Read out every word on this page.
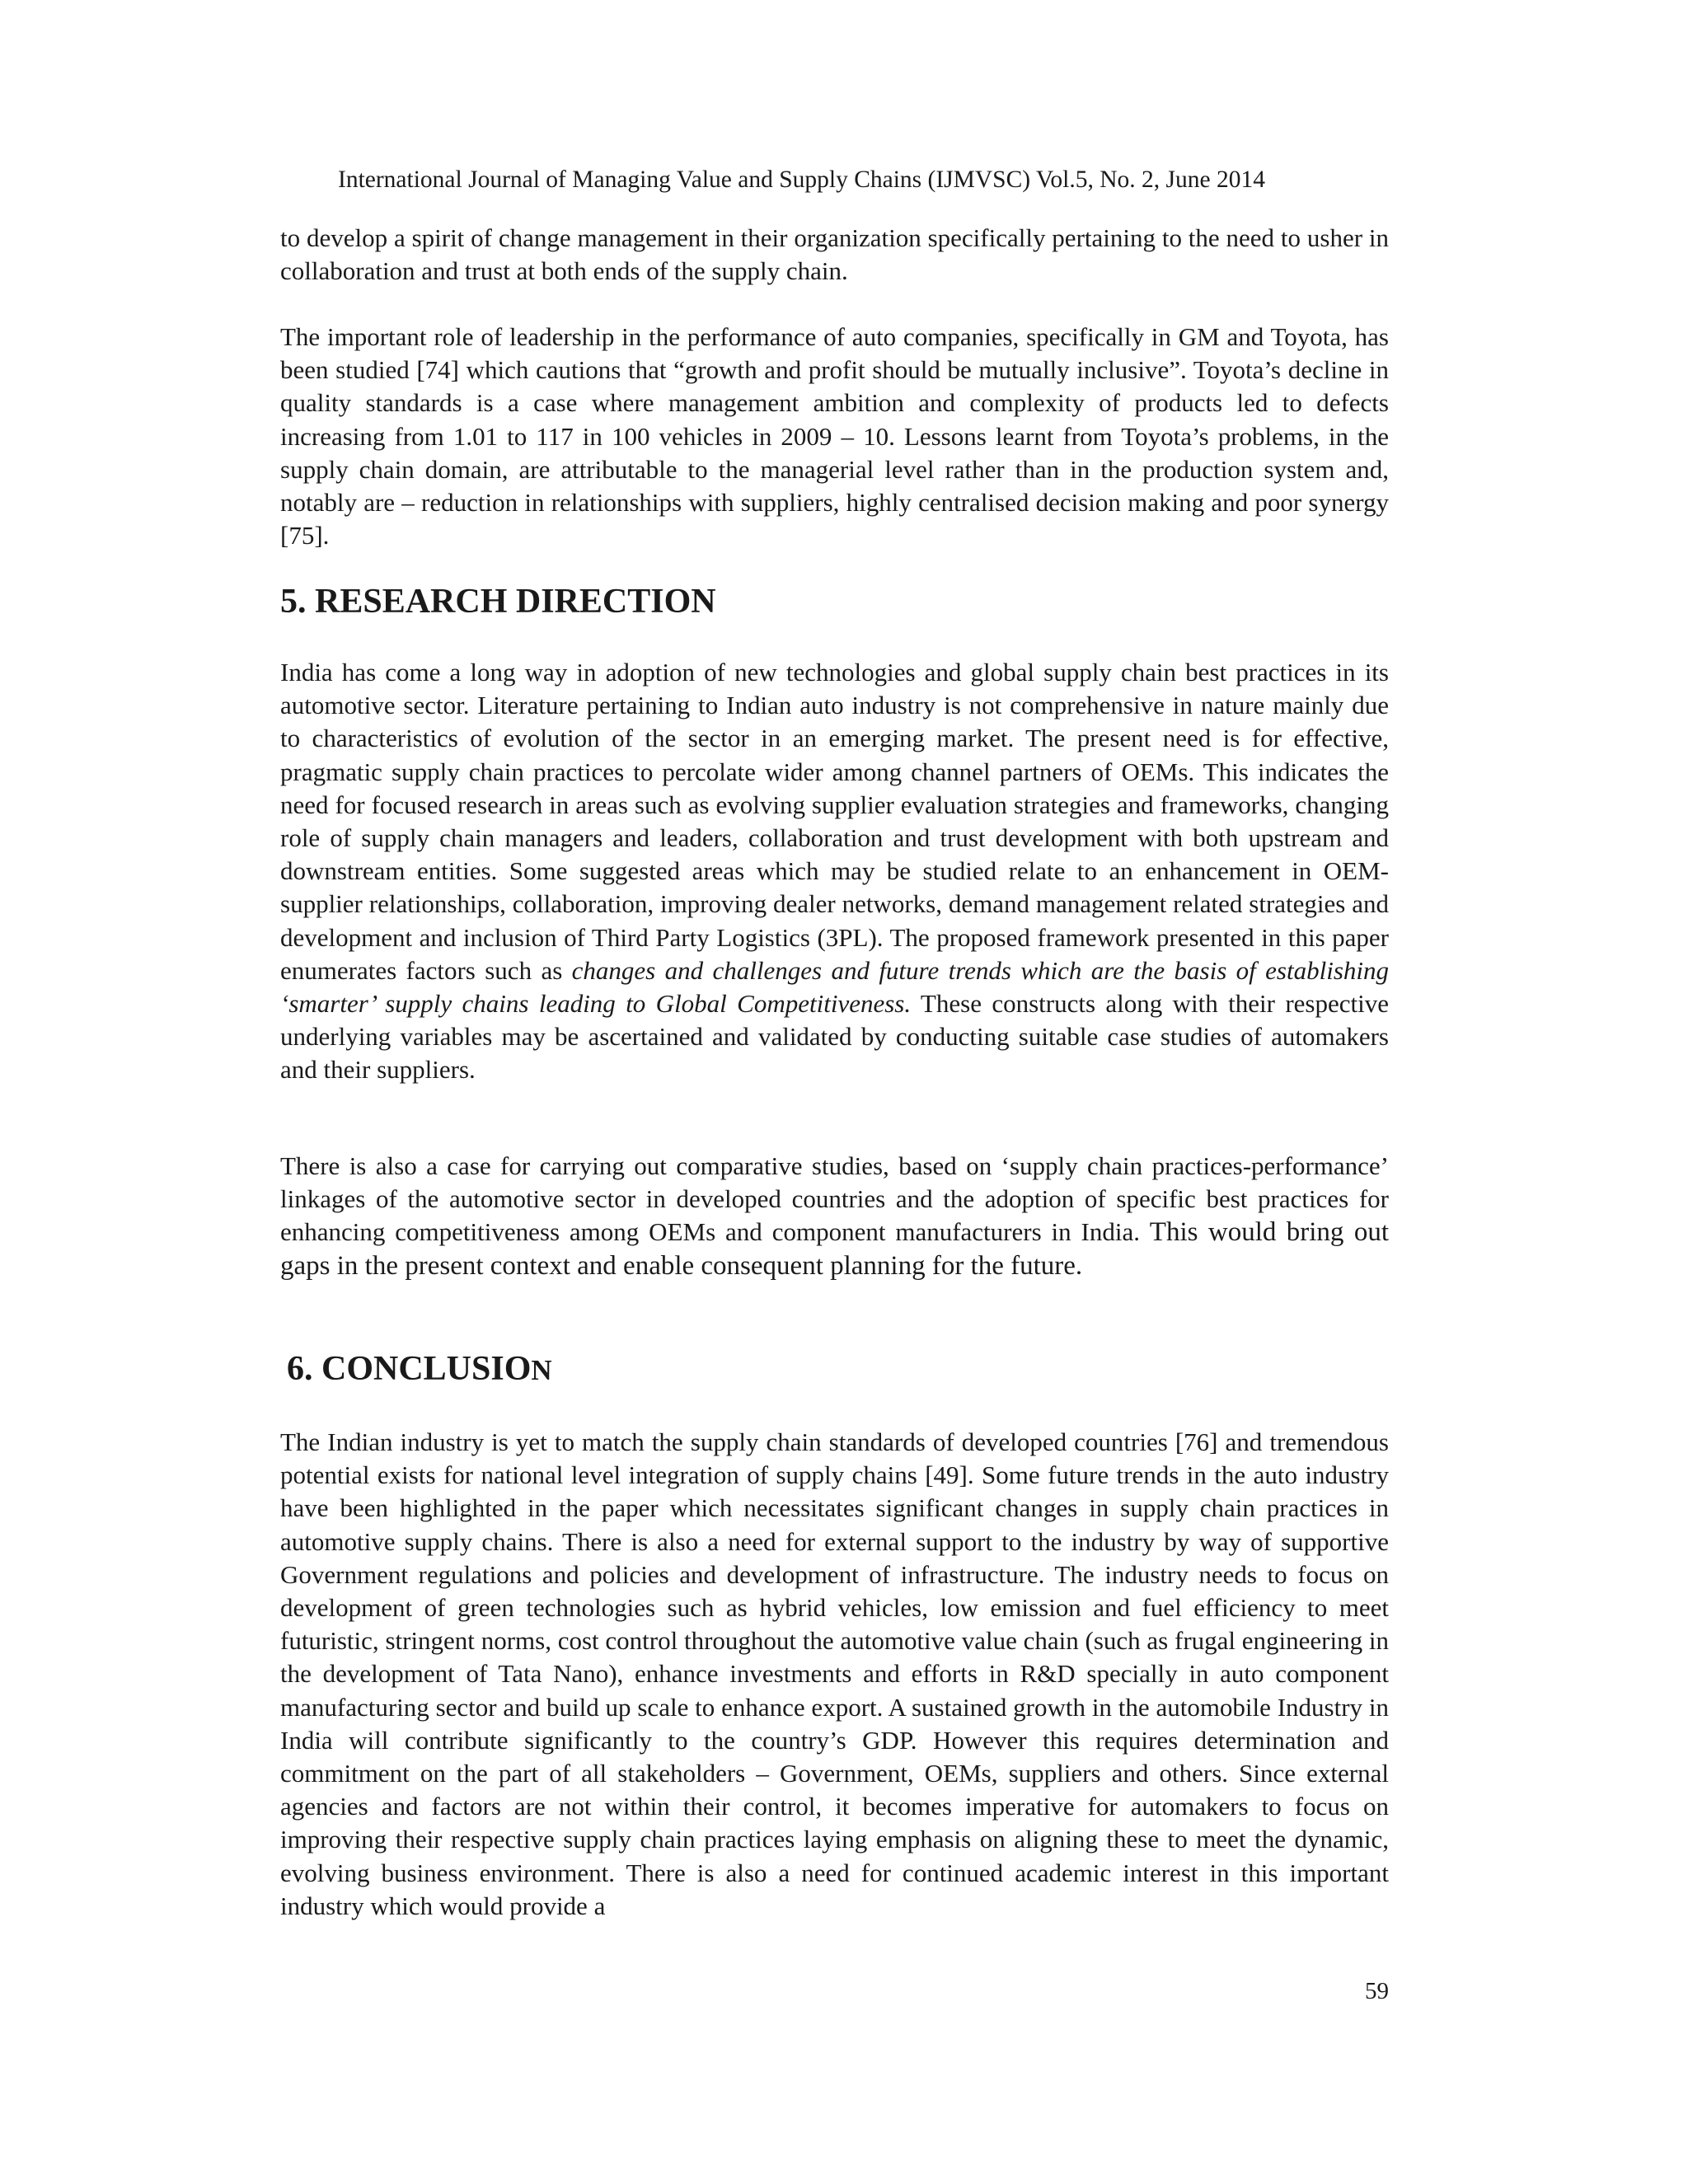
International Journal of Managing Value and Supply Chains (IJMVSC) Vol.5, No. 2, June 2014

to develop a spirit of change management in their organization specifically pertaining to the need to usher in collaboration and trust at both ends of the supply chain.

The important role of leadership in the performance of auto companies, specifically in GM and Toyota, has been studied [74] which cautions that “growth and profit should be mutually inclusive”. Toyota’s decline in quality standards is a case where management ambition and complexity of products led to defects increasing from 1.01 to 117 in 100 vehicles in 2009 – 10. Lessons learnt from Toyota’s problems, in the supply chain domain, are attributable to the managerial level rather than in the production system and, notably are – reduction in relationships with suppliers, highly centralised decision making and poor synergy [75].

5. RESEARCH DIRECTION

India has come a long way in adoption of new technologies and global supply chain best practices in its automotive sector. Literature pertaining to Indian auto industry is not comprehensive in nature mainly due to characteristics of evolution of the sector in an emerging market. The present need is for effective, pragmatic supply chain practices to percolate wider among channel partners of OEMs. This indicates the need for focused research in areas such as evolving supplier evaluation strategies and frameworks, changing role of supply chain managers and leaders, collaboration and trust development with both upstream and downstream entities. Some suggested areas which may be studied relate to an enhancement in OEM-supplier relationships, collaboration, improving dealer networks, demand management related strategies and development and inclusion of Third Party Logistics (3PL). The proposed framework presented in this paper enumerates factors such as changes and challenges and future trends which are the basis of establishing ‘smarter’ supply chains leading to Global Competitiveness. These constructs along with their respective underlying variables may be ascertained and validated by conducting suitable case studies of automakers and their suppliers.

There is also a case for carrying out comparative studies, based on ‘supply chain practices-performance’ linkages of the automotive sector in developed countries and the adoption of specific best practices for enhancing competitiveness among OEMs and component manufacturers in India. This would bring out gaps in the present context and enable consequent planning for the future.

6. CONCLUSION

The Indian industry is yet to match the supply chain standards of developed countries [76] and tremendous potential exists for national level integration of supply chains [49]. Some future trends in the auto industry have been highlighted in the paper which necessitates significant changes in supply chain practices in automotive supply chains. There is also a need for external support to the industry by way of supportive Government regulations and policies and development of infrastructure. The industry needs to focus on development of green technologies such as hybrid vehicles, low emission and fuel efficiency to meet futuristic, stringent norms, cost control throughout the automotive value chain (such as frugal engineering in the development of Tata Nano), enhance investments and efforts in R&D specially in auto component manufacturing sector and build up scale to enhance export. A sustained growth in the automobile Industry in India will contribute significantly to the country’s GDP. However this requires determination and commitment on the part of all stakeholders – Government, OEMs, suppliers and others. Since external agencies and factors are not within their control, it becomes imperative for automakers to focus on improving their respective supply chain practices laying emphasis on aligning these to meet the dynamic, evolving business environment. There is also a need for continued academic interest in this important industry which would provide a

59
